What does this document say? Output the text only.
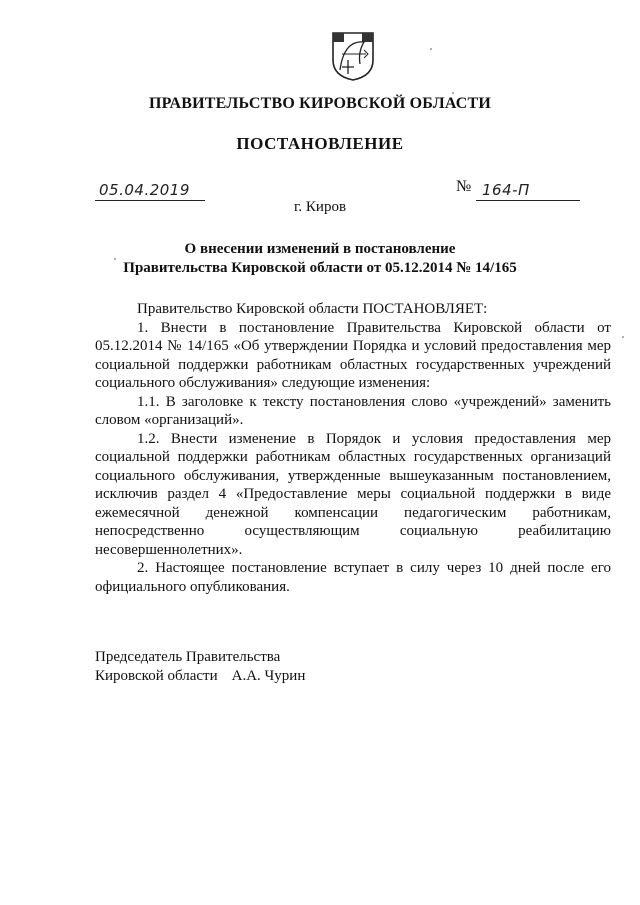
ПРАВИТЕЛЬСТВО КИРОВСКОЙ ОБЛАСТИ
ПОСТАНОВЛЕНИЕ
05.04.2019	№ 164-П
г. Киров
О внесении изменений в постановление
Правительства Кировской области от 05.12.2014 № 14/165

Правительство Кировской области ПОСТАНОВЛЯЕТ:

1. Внести в постановление Правительства Кировской области от 05.12.2014 № 14/165 «Об утверждении Порядка и условий предоставления мер социальной поддержки работникам областных государственных учреждений социального обслуживания» следующие изменения:

1.1. В заголовке к тексту постановления слово «учреждений» заменить словом «организаций».

1.2. Внести изменение в Порядок и условия предоставления мер социальной поддержки работникам областных государственных организаций социального обслуживания, утвержденные вышеуказанным постановлением, исключив раздел 4 «Предоставление меры социальной поддержки в виде ежемесячной денежной компенсации педагогическим работникам, непосредственно осуществляющим социальную реабилитацию несовершеннолетних».

2. Настоящее постановление вступает в силу через 10 дней после его официального опубликования.

Председатель Правительства
Кировской области А.А. Чурин
